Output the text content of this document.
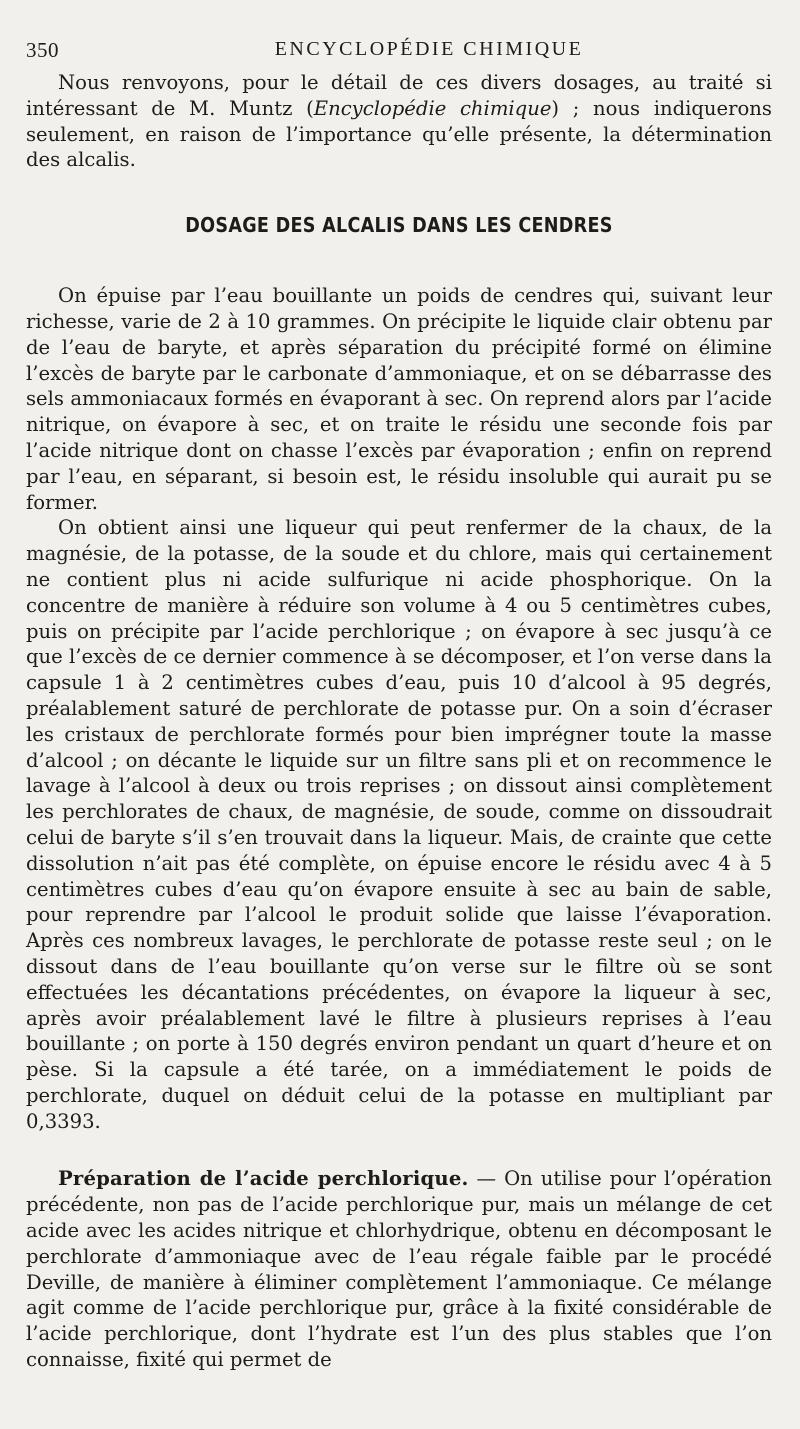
350	ENCYCLOPÉDIE CHIMIQUE

Nous renvoyons, pour le détail de ces divers dosages, au traité si intéressant de M. Muntz (Encyclopédie chimique) ; nous indiquerons seulement, en raison de l’importance qu’elle présente, la détermination des alcalis.

DOSAGE DES ALCALIS DANS LES CENDRES

On épuise par l’eau bouillante un poids de cendres qui, suivant leur richesse, varie de 2 à 10 grammes. On précipite le liquide clair obtenu par de l’eau de baryte, et après séparation du précipité formé on élimine l’excès de baryte par le carbonate d’ammoniaque, et on se débarrasse des sels ammoniacaux formés en évaporant à sec. On reprend alors par l’acide nitrique, on évapore à sec, et on traite le résidu une seconde fois par l’acide nitrique dont on chasse l’excès par évaporation ; enfin on reprend par l’eau, en séparant, si besoin est, le résidu insoluble qui aurait pu se former.

On obtient ainsi une liqueur qui peut renfermer de la chaux, de la magnésie, de la potasse, de la soude et du chlore, mais qui certainement ne contient plus ni acide sulfurique ni acide phosphorique. On la concentre de manière à réduire son volume à 4 ou 5 centimètres cubes, puis on précipite par l’acide perchlorique ; on évapore à sec jusqu’à ce que l’excès de ce dernier commence à se décomposer, et l’on verse dans la capsule 1 à 2 centimètres cubes d’eau, puis 10 d’alcool à 95 degrés, préalablement saturé de perchlorate de potasse pur. On a soin d’écraser les cristaux de perchlorate formés pour bien imprégner toute la masse d’alcool ; on décante le liquide sur un filtre sans pli et on recommence le lavage à l’alcool à deux ou trois reprises ; on dissout ainsi complètement les perchlorates de chaux, de magnésie, de soude, comme on dissoudrait celui de baryte s’il s’en trouvait dans la liqueur. Mais, de crainte que cette dissolution n’ait pas été complète, on épuise encore le résidu avec 4 à 5 centimètres cubes d’eau qu’on évapore ensuite à sec au bain de sable, pour reprendre par l’alcool le produit solide que laisse l’évaporation. Après ces nombreux lavages, le perchlorate de potasse reste seul ; on le dissout dans de l’eau bouillante qu’on verse sur le filtre où se sont effectuées les décantations précédentes, on évapore la liqueur à sec, après avoir préalablement lavé le filtre à plusieurs reprises à l’eau bouillante ; on porte à 150 degrés environ pendant un quart d’heure et on pèse. Si la capsule a été tarée, on a immédiatement le poids de perchlorate, duquel on déduit celui de la potasse en multipliant par 0,3393.

Préparation de l’acide perchlorique. — On utilise pour l’opération précédente, non pas de l’acide perchlorique pur, mais un mélange de cet acide avec les acides nitrique et chlorhydrique, obtenu en décomposant le perchlorate d’ammoniaque avec de l’eau régale faible par le procédé Deville, de manière à éliminer complètement l’ammoniaque. Ce mélange agit comme de l’acide perchlorique pur, grâce à la fixité considérable de l’acide perchlorique, dont l’hydrate est l’un des plus stables que l’on connaisse, fixité qui permet de
